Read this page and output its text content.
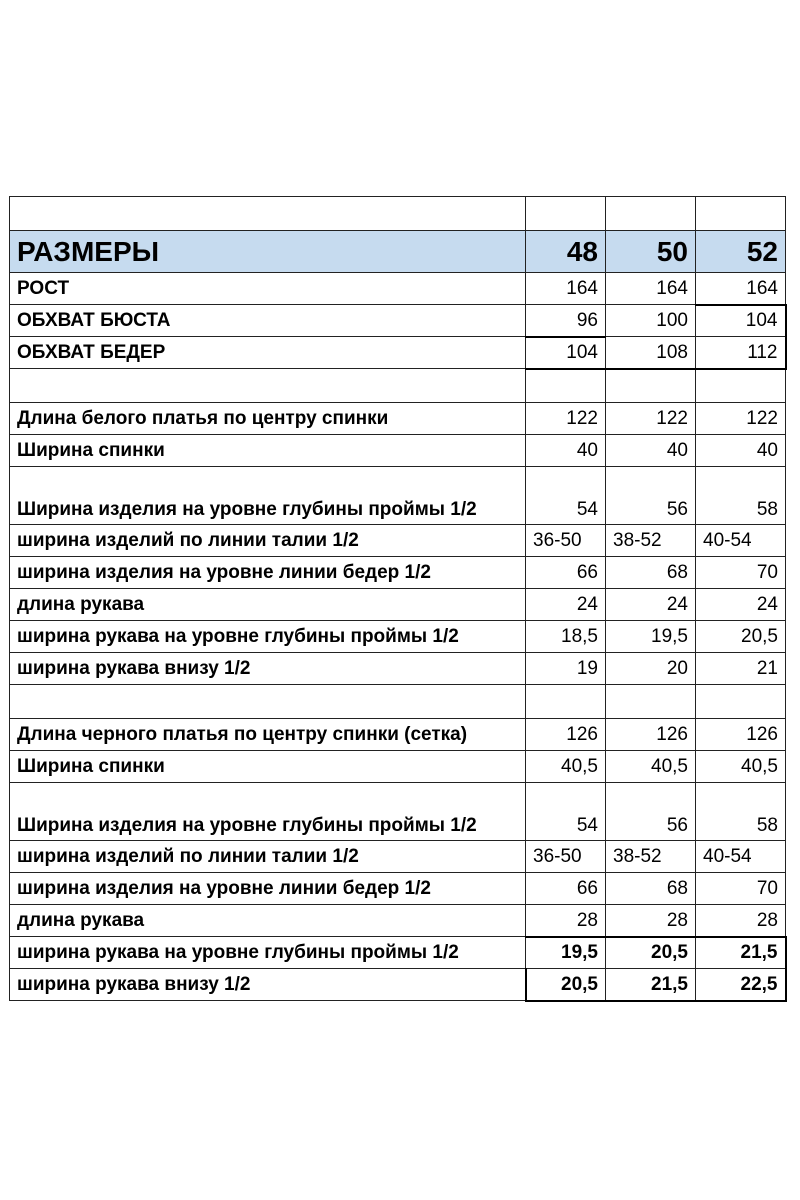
РАЗМЕРЫ	48	50	52
РОСТ	164	164	164
ОБХВАТ БЮСТА	96	100	104
ОБХВАТ БЕДЕР	104	108	112

Длина белого платья по центру спинки	122	122	122
Ширина спинки	40	40	40
Ширина изделия на уровне глубины проймы 1/2	54	56	58
ширина изделий по линии талии 1/2	36-50	38-52	40-54
ширина изделия на уровне линии бедер 1/2	66	68	70
длина рукава	24	24	24
ширина рукава на уровне глубины проймы 1/2	18,5	19,5	20,5
ширина рукава внизу 1/2	19	20	21

Длина черного платья по центру спинки (сетка)	126	126	126
Ширина спинки	40,5	40,5	40,5
Ширина изделия на уровне глубины проймы 1/2	54	56	58
ширина изделий по линии талии 1/2	36-50	38-52	40-54
ширина изделия на уровне линии бедер 1/2	66	68	70
длина рукава	28	28	28
ширина рукава на уровне глубины проймы 1/2	19,5	20,5	21,5
ширина рукава внизу 1/2	20,5	21,5	22,5
